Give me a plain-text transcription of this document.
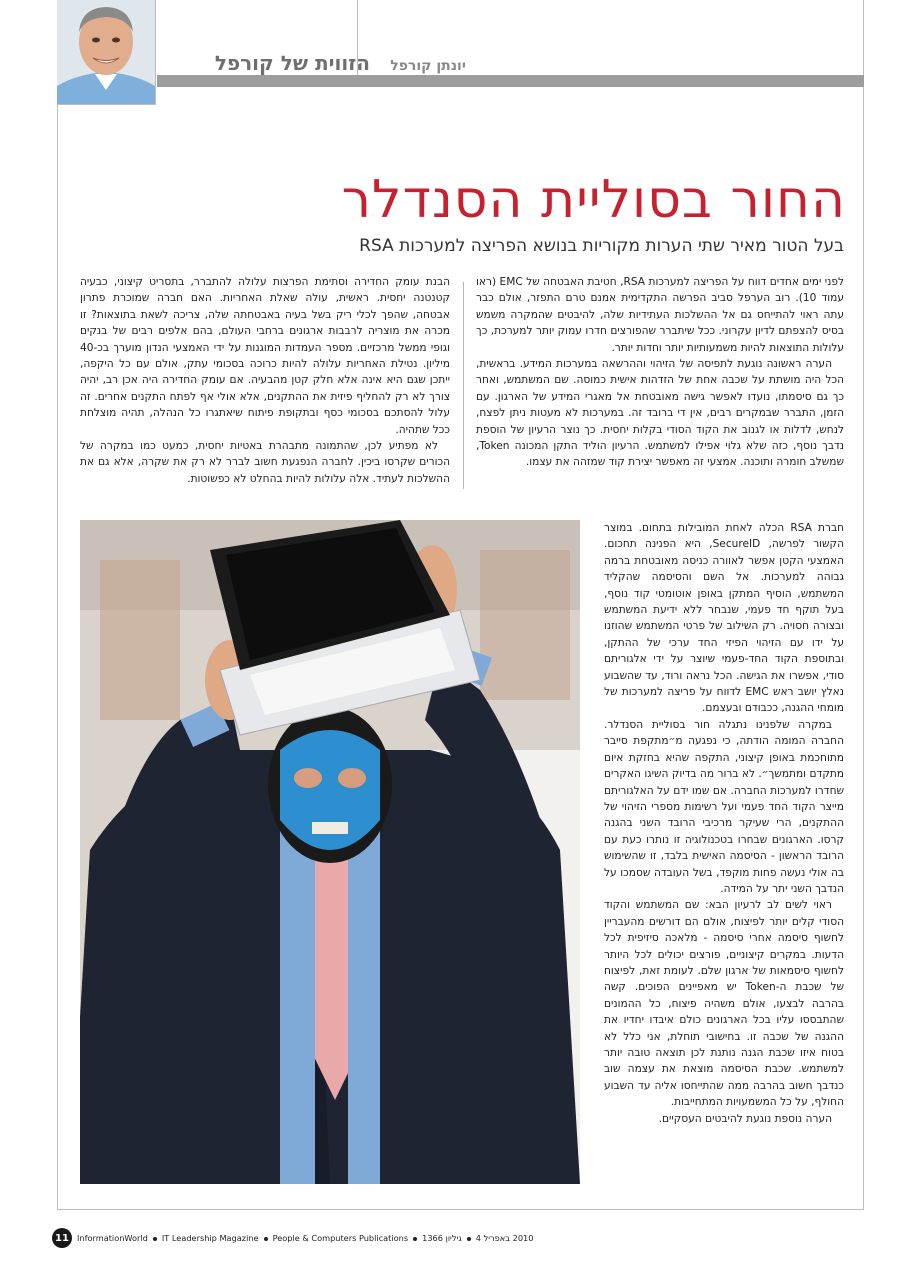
הזווית של קורפל יונתן קורפל
החור בסוליית הסנדלר
בעל הטור מאיר שתי הערות מקוריות בנושא הפריצה למערכות RSA

לפני ימים אחדים דווח על הפריצה למערכות RSA, חטיבת האבטחה של EMC (ראו עמוד 10). רוב הערפל סביב הפרשה התקדימית אמנם טרם התפזר, אולם כבר עתה ראוי להתייחס גם אל ההשלכות העתידיות שלה, להיבטים שהמקרה משמש בסיס להצפתם לדיון עקרוני. ככל שיתברר שהפורצים חדרו עמוק יותר למערכת, כך עלולות התוצאות להיות משמעותיות יותר וחדות יותר.

הערה ראשונה נוגעת לתפיסה של הזיהוי וההרשאה במערכות המידע. בראשית, הכל היה מושתת על שכבה אחת של הזדהות אישית כמוסה. שם המשתמש, ואחר כך גם סיסמתו, נועדו לאפשר גישה מאובטחת אל מאגרי המידע של הארגון. עם הזמן, התברר שבמקרים רבים, אין די ברובד זה. במערכות לא מעטות ניתן לפצח, לנחש, לדלות או לגנוב את הקוד הסודי בקלות יחסית. כך נוצר הרעיון של הוספת נדבך נוסף, כזה שלא גלוי אפילו למשתמש. הרעיון הוליד התקן המכונה Token, שמשלב חומרה ותוכנה. אמצעי זה מאפשר יצירת קוד שמזהה את עצמו.

הבנת עומק החדירה וסתימת הפרצות עלולה להתברר, בתסריט קיצוני, כבעיה קטנטנה יחסית. ראשית, עולה שאלת האחריות. האם חברה שמוכרת פתרון אבטחה, שהפך לכלי ריק בשל בעיה באבטחתה שלה, צריכה לשאת בתוצאות? זו מכרה את מוצריה לרבבות ארגונים ברחבי העולם, בהם אלפים רבים של בנקים וגופי ממשל מרכזיים. מספר העמדות המוגנות על ידי האמצעי הנדון מוערך בכ-40 מיליון. נטילת האחריות עלולה להיות כרוכה בסכומי עתק, אולם עם כל היקפה, ייתכן שגם היא אינה אלא חלק קטן מהבעיה. אם עומק החדירה היה אכן רב, יהיה צורך לא רק להחליף פיזית את ההתקנים, אלא אולי אף לפתח התקנים אחרים. זה עלול להסתכם בסכומי כסף ובתקופת פיתוח שיאתגרו כל הנהלה, תהיה מוצלחת ככל שתהיה.

לא מפתיע לכן, שהתמונה מתבהרת באטיות יחסית, כמעט כמו במקרה של הכורים שקרסו ביכין. לחברה הנפגעת חשוב לברר לא רק את שקרה, אלא גם את ההשלכות לעתיד. אלה עלולות להיות בהחלט לא כפשוטות.

חברת RSA הכלה לאחת המובילות בתחום. במוצר הקשור לפרשה, SecureID, היא הפנינה תחכום. האמצעי הקטן אפשר לאוורה כניסה מאובטחת ברמה גבוהה למערכות. אל השם והסיסמה שהקליד המשתמש, הוסיף המתקן באופן אוטומטי קוד נוסף, בעל תוקף חד פעמי, שנבחר ללא ידיעת המשתמש ובצורה חסויה. רק השילוב של פרטי המשתמש שהוזנו על ידו עם הזיהוי הפיזי החד ערכי של ההתקן, ובתוספת הקוד החד-פעמי שיוצר על ידי אלגוריתם סודי, אפשרו את הגישה. הכל נראה ורוד, עד שהשבוע נאלץ יושב ראש EMC לדווח על פריצה למערכות של מומחי ההגנה, ככבודם ובעצמם.

במקרה שלפנינו נתגלה חור בסוליית הסנדלר. החברה המומה הודתה, כי נפגעה מ״מתקפת סייבר מתוחכמת באופן קיצוני, התקפה שהיא בחזקת איום מתקדם ומתמשך״. לא ברור מה בדיוק השיגו האקרים שחדרו למערכות החברה. אם שמו ידם על האלגוריתם מייצר הקוד החד פעמי ועל רשימות מספרי הזיהוי של ההתקנים, הרי שעיקר מרכיבי הרובד השני בהגנה קרסו. הארגונים שבחרו בטכנולוגיה זו נותרו כעת עם הרובד הראשון - הסיסמה האישית בלבד, זו שהשימוש בה אולי נעשה פחות מוקפד, בשל העובדה שסמכו על הנדבך השני יתר על המידה.

ראוי לשים לב לרעיון הבא: שם המשתמש והקוד הסודי קלים יותר לפיצוח, אולם הם דורשים מהעבריין לחשוף סיסמה אחרי סיסמה - מלאכה סיזיפית לכל הדעות. במקרים קיצוניים, פורצים יכולים לכל היותר לחשוף סיסמאות של ארגון שלם. לעומת זאת, לפיצוח של שכבת ה-Token יש מאפיינים הפוכים. קשה בהרבה לבצעו, אולם משהיה פיצוח, כל ההמונים שהתבססו עליו בכל הארגונים כולם איבדו יחדיו את ההגנה של שכבה זו. בחישובי תוחלת, אני כלל לא בטוח איזו שכבת הגנה נותנת לכן תוצאה טובה יותר למשתמש. שכבת הסיסמה מוצאת את עצמה שוב כנדבך חשוב בהרבה ממה שהתייחסו אליה עד השבוע החולף, על כל המשמעויות המתחייבות.

הערה נוספת נוגעת להיבטים העסקיים.

11 InformationWorld IT Leadership Magazine People & Computers Publications	2010 באפריל 4גיליון 1366
